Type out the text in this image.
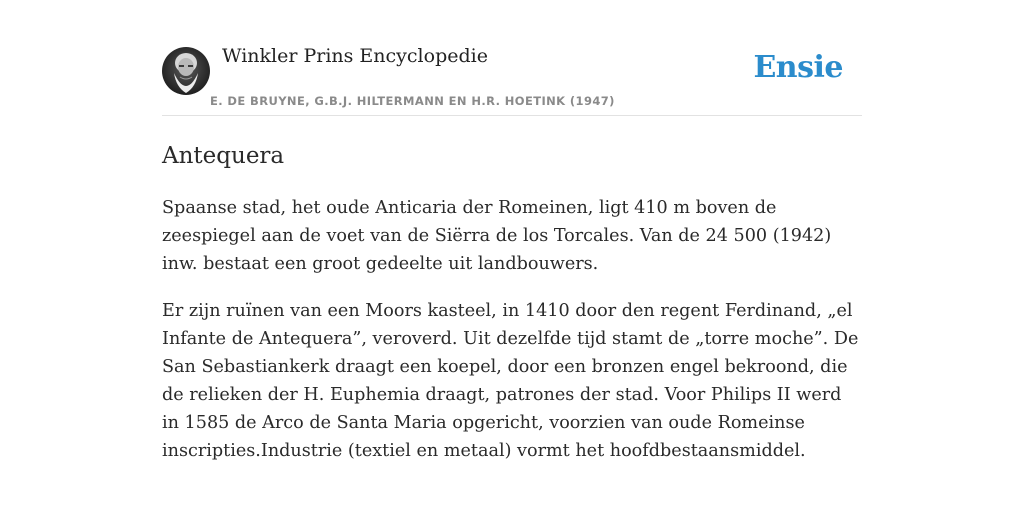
Winkler Prins Encyclopedie
E. DE BRUYNE, G.B.J. HILTERMANN EN H.R. HOETINK (1947)
Ensie
Antequera

Spaanse stad, het oude Anticaria der Romeinen, ligt 410 m boven de zeespiegel aan de voet van de Siërra de los Torcales. Van de 24 500 (1942) inw. bestaat een groot gedeelte uit landbouwers.

Er zijn ruïnen van een Moors kasteel, in 1410 door den regent Ferdinand, „el Infante de Antequera”, veroverd. Uit dezelfde tijd stamt de „torre moche”. De San Sebastiankerk draagt een koepel, door een bronzen engel bekroond, die de relieken der H. Euphemia draagt, patrones der stad. Voor Philips II werd in 1585 de Arco de Santa Maria opgericht, voorzien van oude Romeinse inscripties.Industrie (textiel en metaal) vormt het hoofdbestaansmiddel.
